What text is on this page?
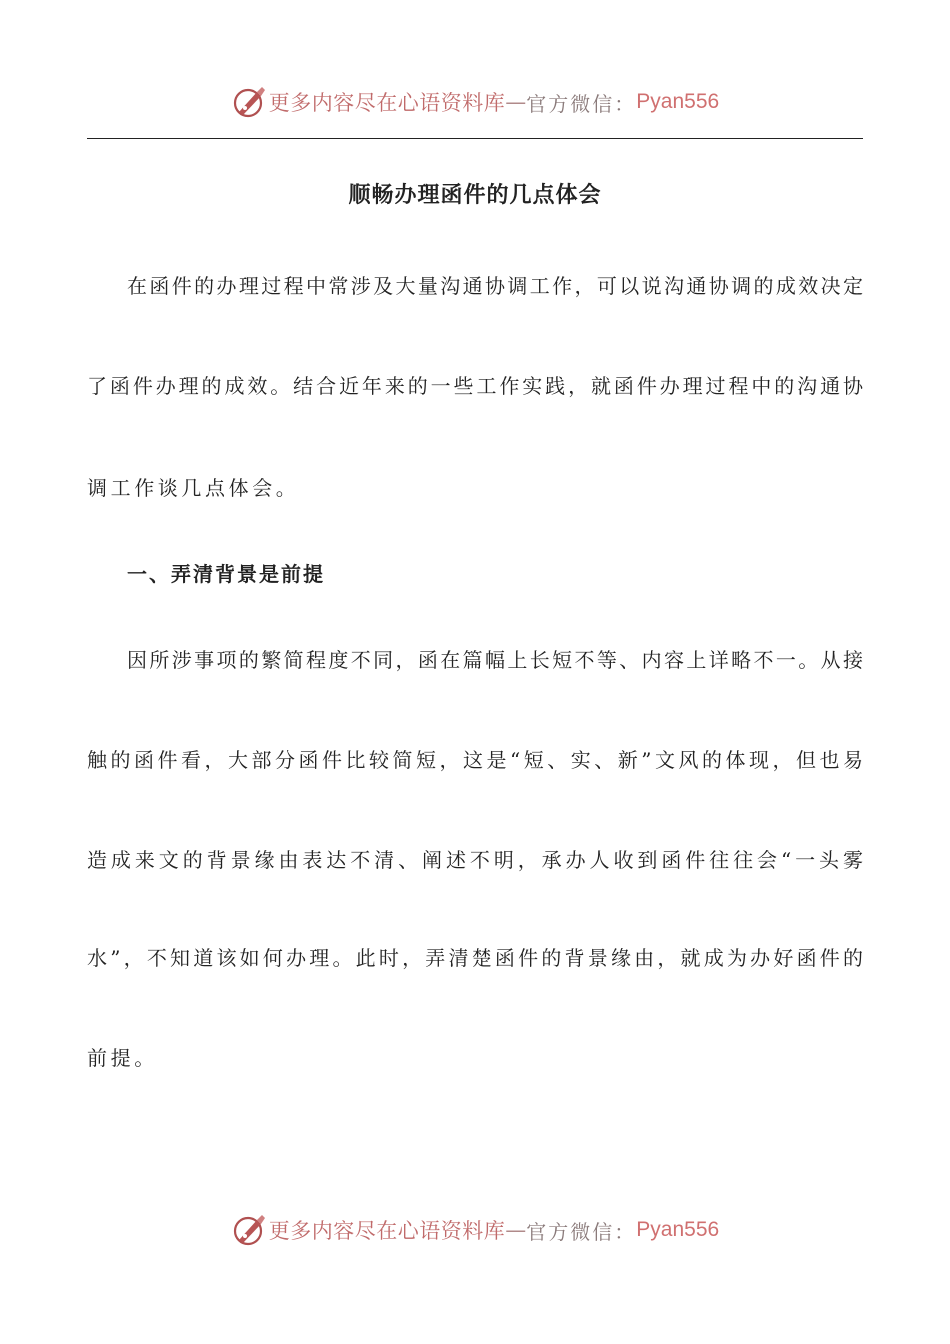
更多内容尽在心语资料库 — 官方微信： Pyan556
顺畅办理函件的几点体会
在函件的办理过程中常涉及大量沟通协调工作，可以说沟通协调的成效决定
了函件办理的成效。结合近年来的一些工作实践，就函件办理过程中的沟通协
调工作谈几点体会。
一、弄清背景是前提
因所涉事项的繁简程度不同，函在篇幅上长短不等、内容上详略不一。从接
触的函件看，大部分函件比较简短，这是“短、实、新”文风的体现，但也易
造成来文的背景缘由表达不清、阐述不明，承办人收到函件往往会“一头雾
水”，不知道该如何办理。此时，弄清楚函件的背景缘由，就成为办好函件的
前提。
更多内容尽在心语资料库 — 官方微信： Pyan556
